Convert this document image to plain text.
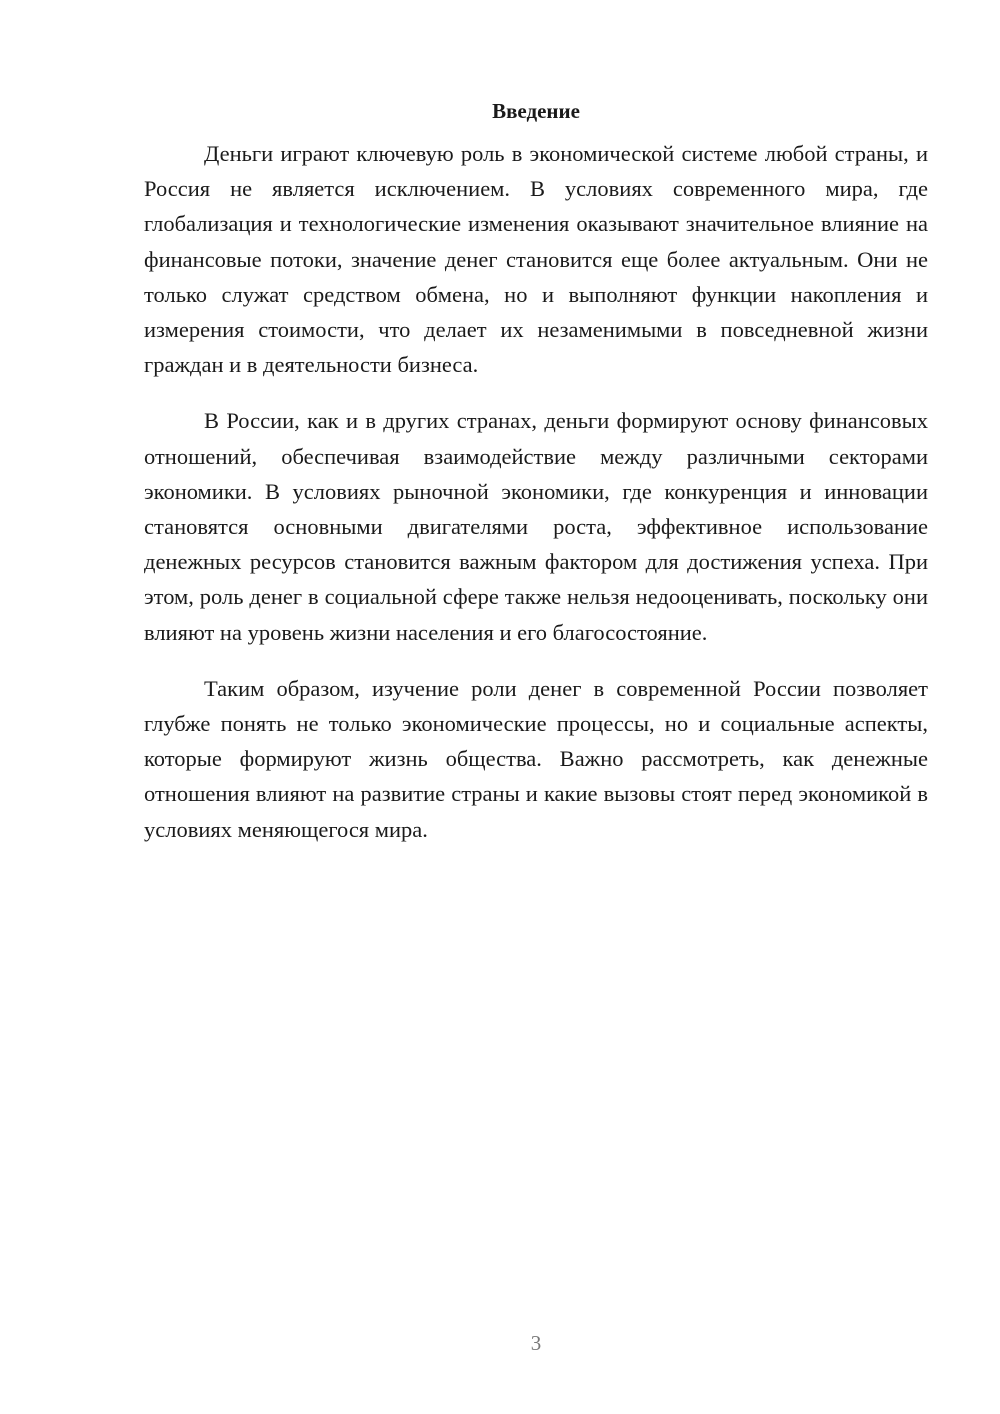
Введение

Деньги играют ключевую роль в экономической системе любой страны, и Россия не является исключением. В условиях современного мира, где глобализация и технологические изменения оказывают значительное влияние на финансовые потоки, значение денег становится еще более актуальным. Они не только служат средством обмена, но и выполняют функции накопления и измерения стоимости, что делает их незаменимыми в повседневной жизни граждан и в деятельности бизнеса.

В России, как и в других странах, деньги формируют основу финансовых отношений, обеспечивая взаимодействие между различными секторами экономики. В условиях рыночной экономики, где конкуренция и инновации становятся основными двигателями роста, эффективное использование денежных ресурсов становится важным фактором для достижения успеха. При этом, роль денег в социальной сфере также нельзя недооценивать, поскольку они влияют на уровень жизни населения и его благосостояние.

Таким образом, изучение роли денег в современной России позволяет глубже понять не только экономические процессы, но и социальные аспекты, которые формируют жизнь общества. Важно рассмотреть, как денежные отношения влияют на развитие страны и какие вызовы стоят перед экономикой в условиях меняющегося мира.

3
